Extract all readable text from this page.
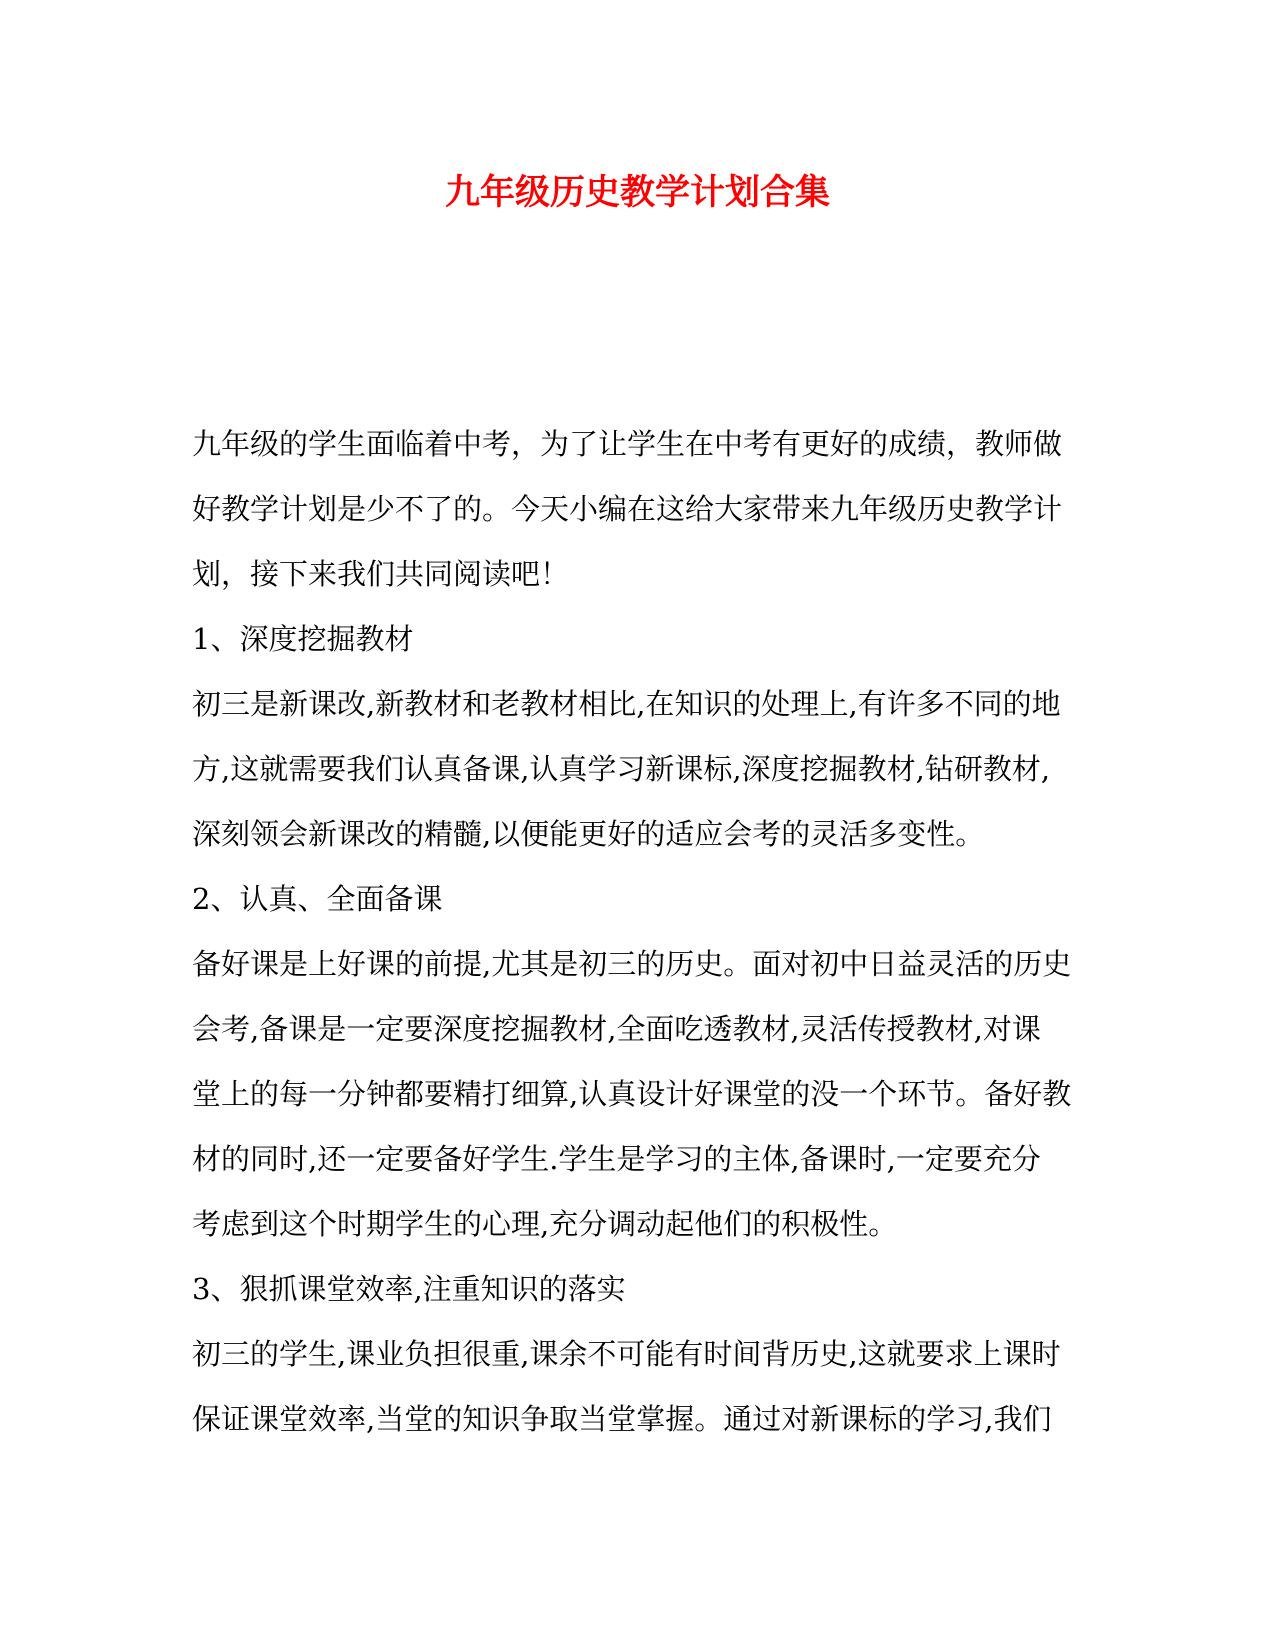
九年级历史教学计划合集
九年级的学生面临着中考，为了让学生在中考有更好的成绩，教师做
好教学计划是少不了的。今天小编在这给大家带来九年级历史教学计
划，接下来我们共同阅读吧！
1、深度挖掘教材
初三是新课改,新教材和老教材相比,在知识的处理上,有许多不同的地
方,这就需要我们认真备课,认真学习新课标,深度挖掘教材,钻研教材,
深刻领会新课改的精髓,以便能更好的适应会考的灵活多变性。
2、认真、全面备课
备好课是上好课的前提,尤其是初三的历史。面对初中日益灵活的历史
会考,备课是一定要深度挖掘教材,全面吃透教材,灵活传授教材,对课
堂上的每一分钟都要精打细算,认真设计好课堂的没一个环节。备好教
材的同时,还一定要备好学生.学生是学习的主体,备课时,一定要充分
考虑到这个时期学生的心理,充分调动起他们的积极性。
3、狠抓课堂效率,注重知识的落实
初三的学生,课业负担很重,课余不可能有时间背历史,这就要求上课时
保证课堂效率,当堂的知识争取当堂掌握。通过对新课标的学习,我们
